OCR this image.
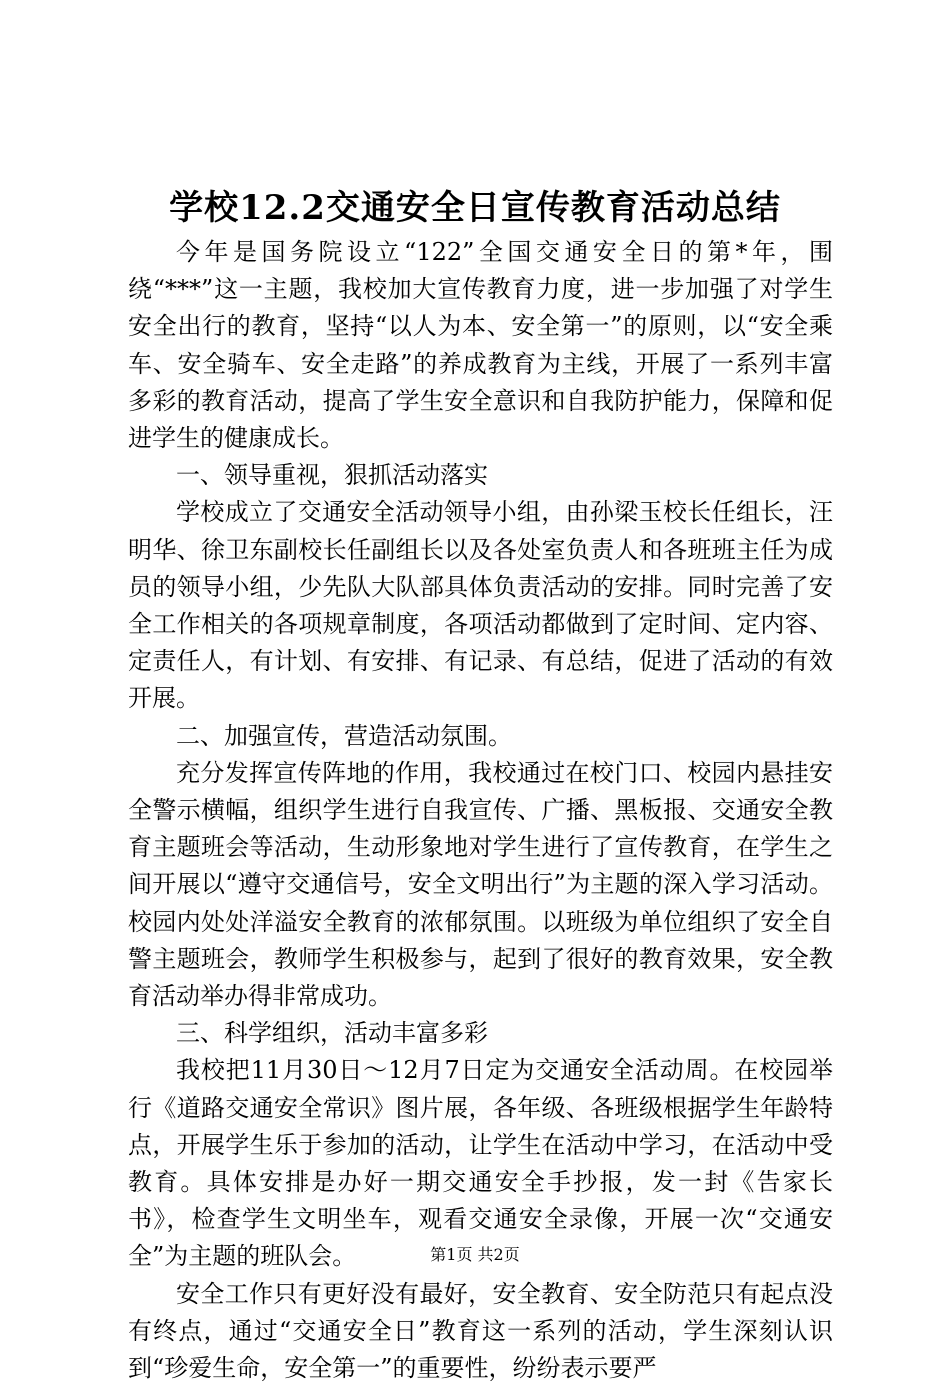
学校12.2交通安全日宣传教育活动总结

今年是国务院设立“122”全国交通安全日的第*年，围绕“***”这一主题，我校加大宣传教育力度，进一步加强了对学生安全出行的教育，坚持“以人为本、安全第一”的原则，以“安全乘车、安全骑车、安全走路”的养成教育为主线，开展了一系列丰富多彩的教育活动，提高了学生安全意识和自我防护能力，保障和促进学生的健康成长。

一、领导重视，狠抓活动落实

学校成立了交通安全活动领导小组，由孙梁玉校长任组长，汪明华、徐卫东副校长任副组长以及各处室负责人和各班班主任为成员的领导小组，少先队大队部具体负责活动的安排。同时完善了安全工作相关的各项规章制度，各项活动都做到了定时间、定内容、定责任人，有计划、有安排、有记录、有总结，促进了活动的有效开展。

二、加强宣传，营造活动氛围。

充分发挥宣传阵地的作用，我校通过在校门口、校园内悬挂安全警示横幅，组织学生进行自我宣传、广播、黑板报、交通安全教育主题班会等活动，生动形象地对学生进行了宣传教育，在学生之间开展以“遵守交通信号，安全文明出行”为主题的深入学习活动。校园内处处洋溢安全教育的浓郁氛围。以班级为单位组织了安全自警主题班会，教师学生积极参与，起到了很好的教育效果，安全教育活动举办得非常成功。

三、科学组织，活动丰富多彩

我校把11月30日～12月7日定为交通安全活动周。在校园举行《道路交通安全常识》图片展，各年级、各班级根据学生年龄特点，开展学生乐于参加的活动，让学生在活动中学习，在活动中受教育。具体安排是办好一期交通安全手抄报，发一封《告家长书》，检查学生文明坐车，观看交通安全录像，开展一次“交通安全”为主题的班队会。

安全工作只有更好没有最好，安全教育、安全防范只有起点没有终点，通过“交通安全日”教育这一系列的活动，学生深刻认识到“珍爱生命，安全第一”的重要性，纷纷表示要严

第1页 共2页
